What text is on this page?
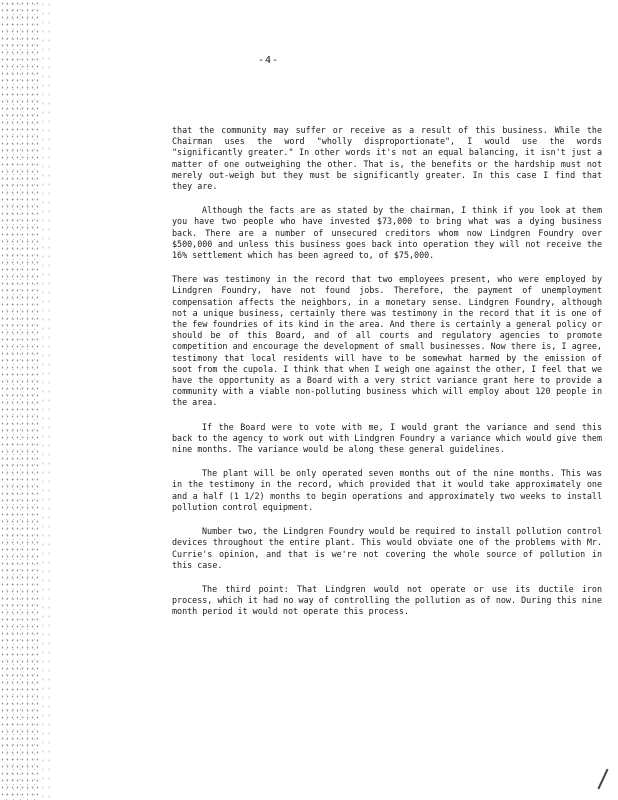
-4-

that the community may suffer or receive as a result of this business. While the Chairman uses the word "wholly disproportionate", I would use the words "significantly greater." In other words it's not an equal balancing, it isn't just a matter of one outweighing the other. That is, the benefits or the hardship must not merely out-weigh but they must be significantly greater. In this case I find that they are.

Although the facts are as stated by the chairman, I think if you look at them you have two people who have invested $73,000 to bring what was a dying business back. There are a number of unsecured creditors whom now Lindgren Foundry over $500,000 and unless this business goes back into operation they will not receive the 16% settlement which has been agreed to, of $75,000.

There was testimony in the record that two employees present, who were employed by Lindgren Foundry, have not found jobs. Therefore, the payment of unemployment compensation affects the neighbors, in a monetary sense. Lindgren Foundry, although not a unique business, certainly there was testimony in the record that it is one of the few foundries of its kind in the area. And there is certainly a general policy or should be of this Board, and of all courts and regulatory agencies to promote competition and encourage the development of small businesses. Now there is, I agree, testimony that local residents will have to be somewhat harmed by the emission of soot from the cupola. I think that when I weigh one against the other, I feel that we have the opportunity as a Board with a very strict variance grant here to provide a community with a viable non-polluting business which will employ about 120 people in the area.

If the Board were to vote with me, I would grant the variance and send this back to the agency to work out with Lindgren Foundry a variance which would give them nine months. The variance would be along these general guidelines.

The plant will be only operated seven months out of the nine months. This was in the testimony in the record, which provided that it would take approximately one and a half (1 1/2) months to begin operations and approximately two weeks to install pollution control equipment.

Number two, the Lindgren Foundry would be required to install pollution control devices throughout the entire plant. This would obviate one of the problems with Mr. Currie's opinion, and that is we're not covering the whole source of pollution in this case.

The third point: That Lindgren would not operate or use its ductile iron process, which it had no way of controlling the pollution as of now. During this nine month period it would not operate this process.
